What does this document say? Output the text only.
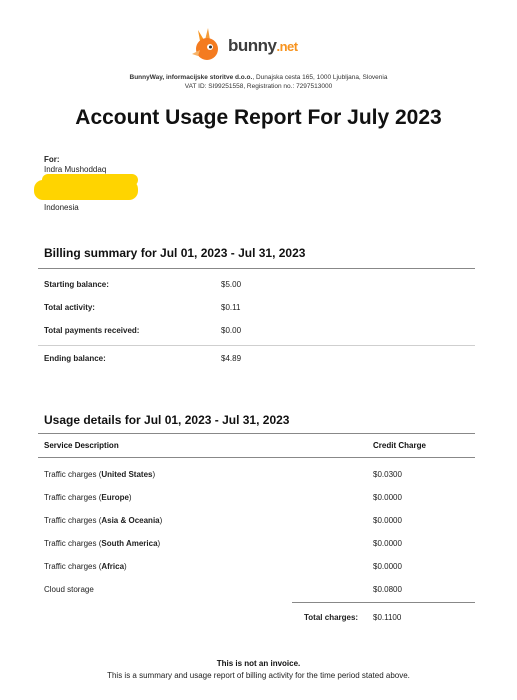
bunny.net
BunnyWay, informacijske storitve d.o.o., Dunajska cesta 165, 1000 Ljubljana, Slovenia
VAT ID: SI99251558, Registration no.: 7297513000
Account Usage Report For July 2023
For:
Indra Mushoddaq
Indonesia
Billing summary for Jul 01, 2023 - Jul 31, 2023
Starting balance:	$5.00
Total activity:	$0.11
Total payments received:	$0.00
Ending balance:	$4.89
Usage details for Jul 01, 2023 - Jul 31, 2023
Service Description	Credit Charge
Traffic charges (United States)	$0.0300
Traffic charges (Europe)	$0.0000
Traffic charges (Asia & Oceania)	$0.0000
Traffic charges (South America)	$0.0000
Traffic charges (Africa)	$0.0000
Cloud storage	$0.0800
Total charges: $0.1100
This is not an invoice.
This is a summary and usage report of billing activity for the time period stated above.
